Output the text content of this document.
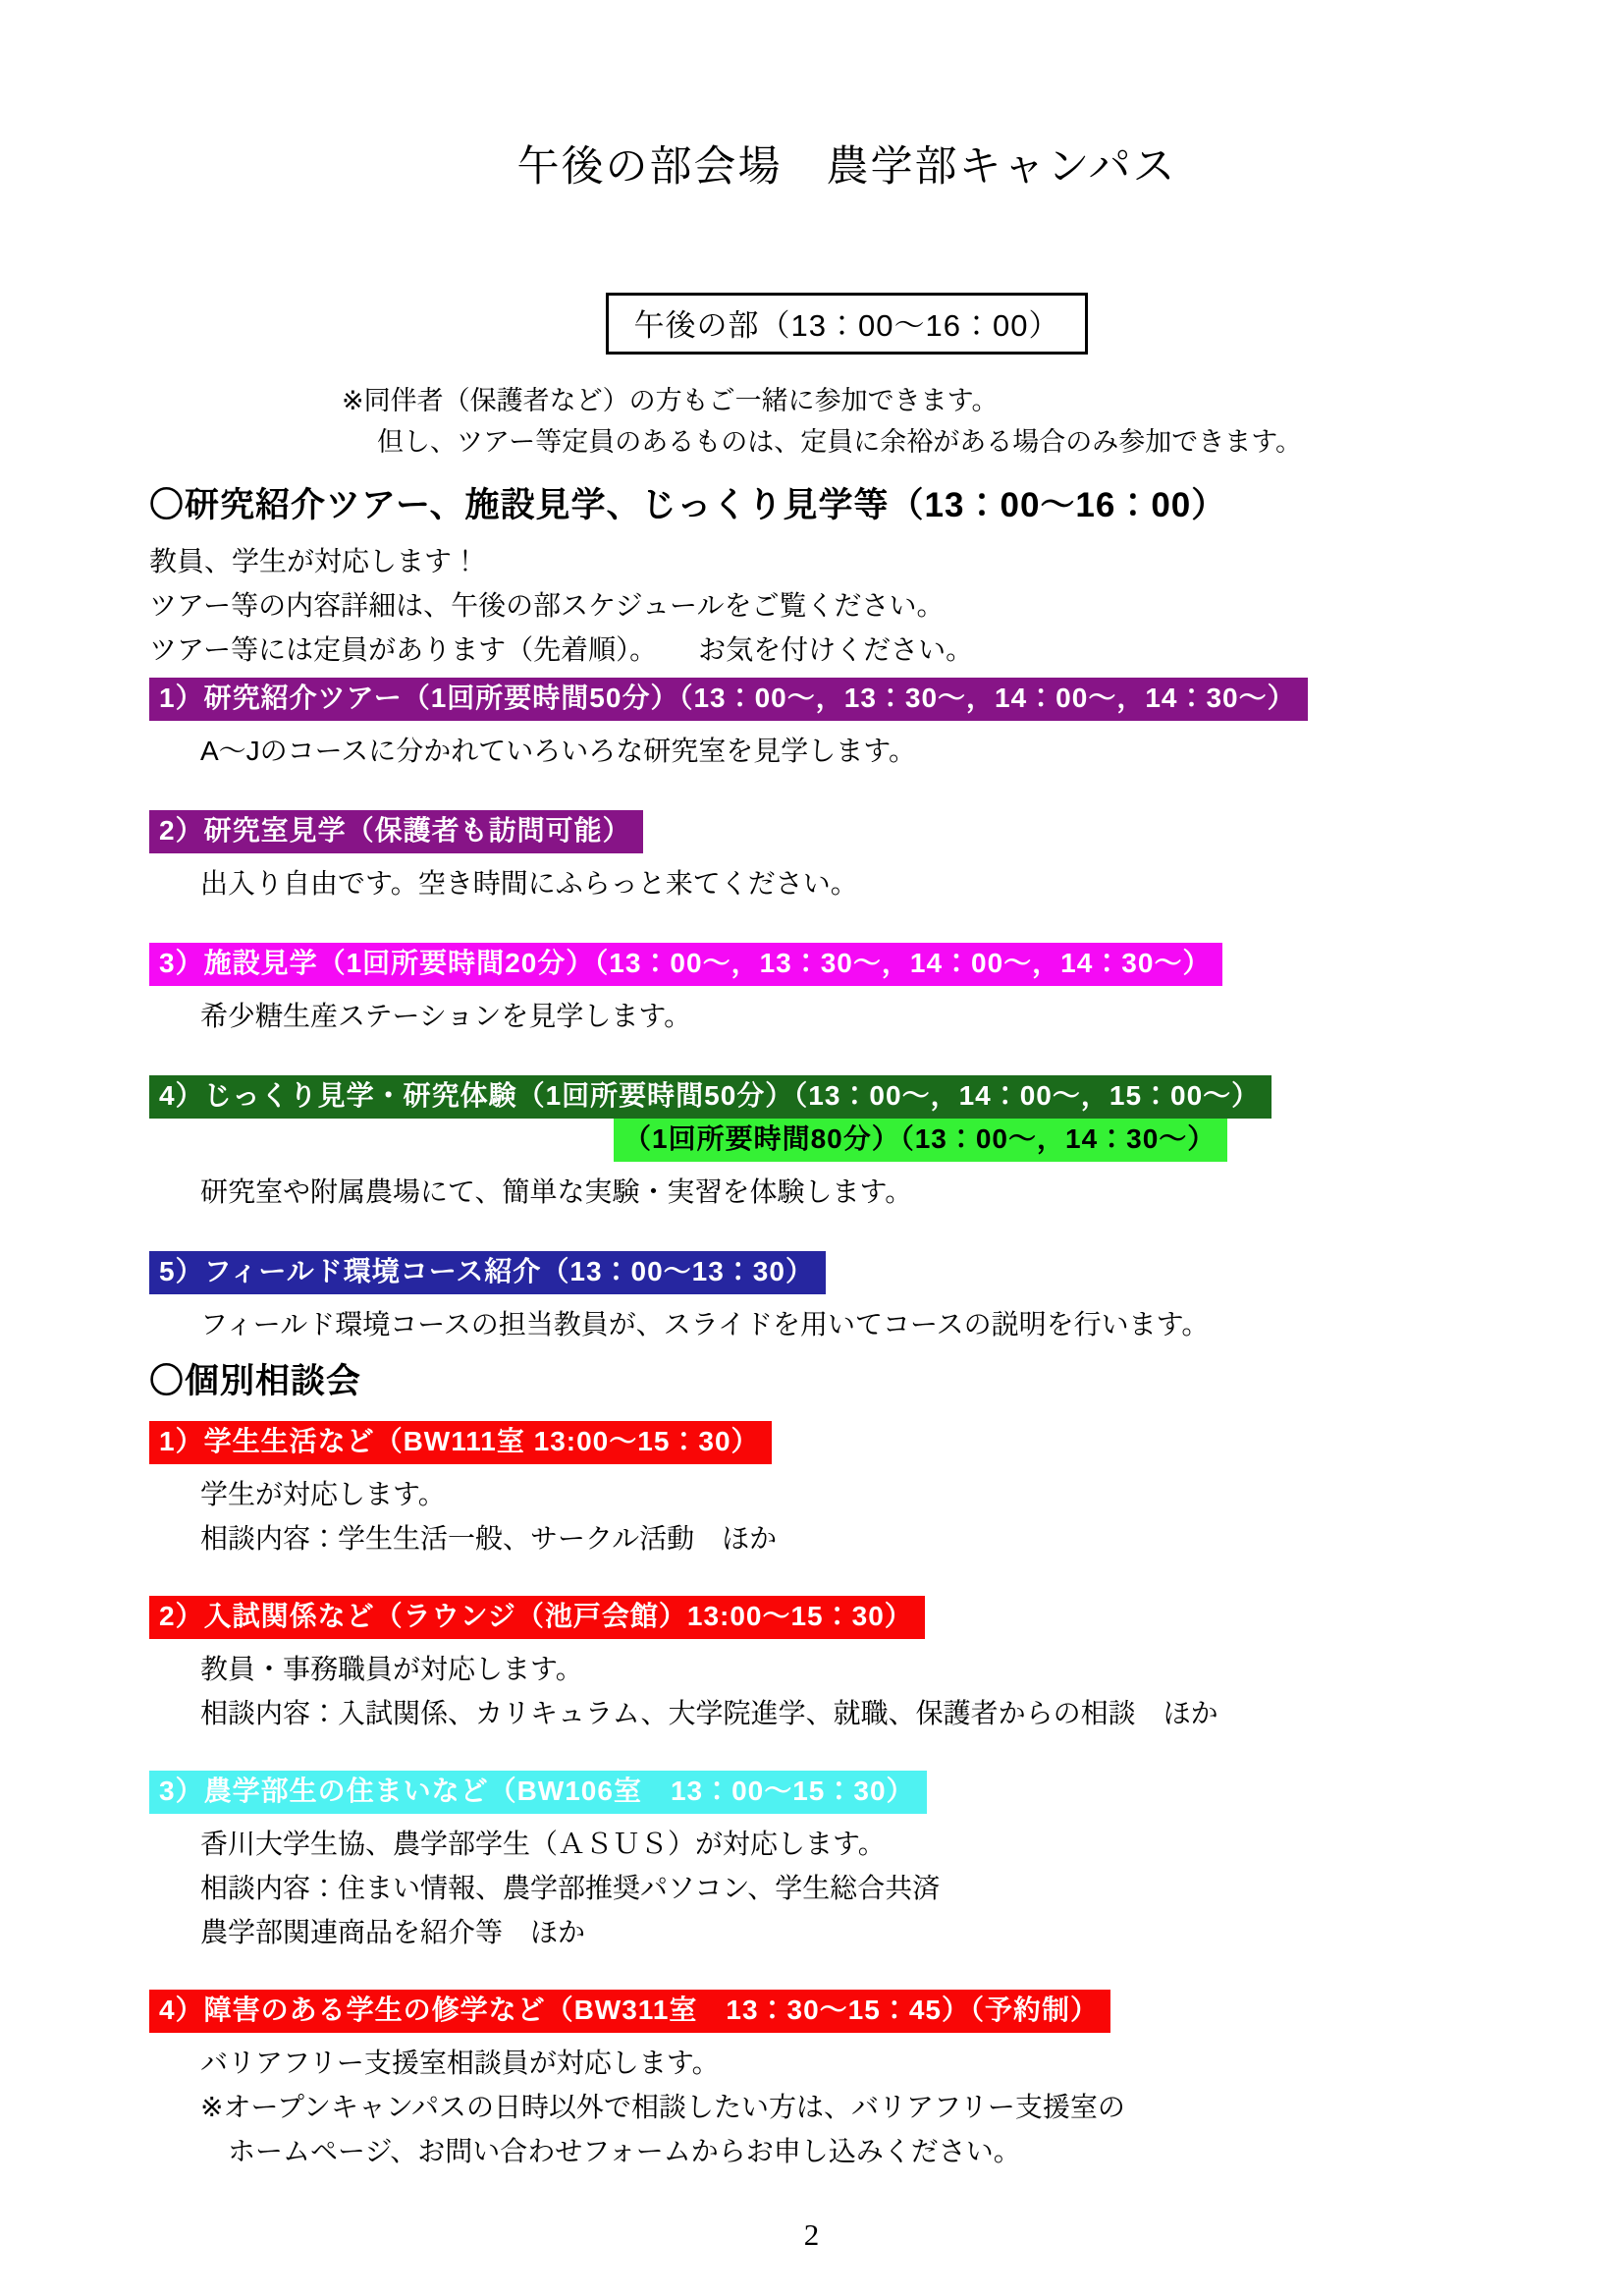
午後の部会場　農学部キャンパス
午後の部（13：00～16：00）
※同伴者（保護者など）の方もご一緒に参加できます。
但し、ツアー等定員のあるものは、定員に余裕がある場合のみ参加できます。
〇研究紹介ツアー、施設見学、じっくり見学等（13：00～16：00）
教員、学生が対応します！
ツアー等の内容詳細は、午後の部スケジュールをご覧ください。
ツアー等には定員があります（先着順）。　　お気を付けください。
1）研究紹介ツアー（1回所要時間50分）（13：00～，13：30～，14：00～，14：30～）
A～Jのコースに分かれていろいろな研究室を見学します。
2）研究室見学（保護者も訪問可能）
出入り自由です。空き時間にふらっと来てください。
3）施設見学（1回所要時間20分）（13：00～，13：30～，14：00～，14：30～）
希少糖生産ステーションを見学します。
4）じっくり見学・研究体験（1回所要時間50分）（13：00～，14：00～，15：00～）
（1回所要時間80分）（13：00～，14：30～）
研究室や附属農場にて、簡単な実験・実習を体験します。
5）フィールド環境コース紹介（13：00～13：30）
フィールド環境コースの担当教員が、スライドを用いてコースの説明を行います。
〇個別相談会
1）学生生活など（BW111室 13:00～15：30）
学生が対応します。
相談内容：学生生活一般、サークル活動　ほか
2）入試関係など（ラウンジ（池戸会館）13:00～15：30）
教員・事務職員が対応します。
相談内容：入試関係、カリキュラム、大学院進学、就職、保護者からの相談　ほか
3）農学部生の住まいなど（BW106室　13：00～15：30）
香川大学生協、農学部学生（ＡＳＵＳ）が対応します。
相談内容：住まい情報、農学部推奨パソコン、学生総合共済
農学部関連商品を紹介等　ほか
4）障害のある学生の修学など（BW311室　13：30～15：45）（予約制）
バリアフリー支援室相談員が対応します。
※オープンキャンパスの日時以外で相談したい方は、バリアフリー支援室の
　ホームページ、お問い合わせフォームからお申し込みください。
2
